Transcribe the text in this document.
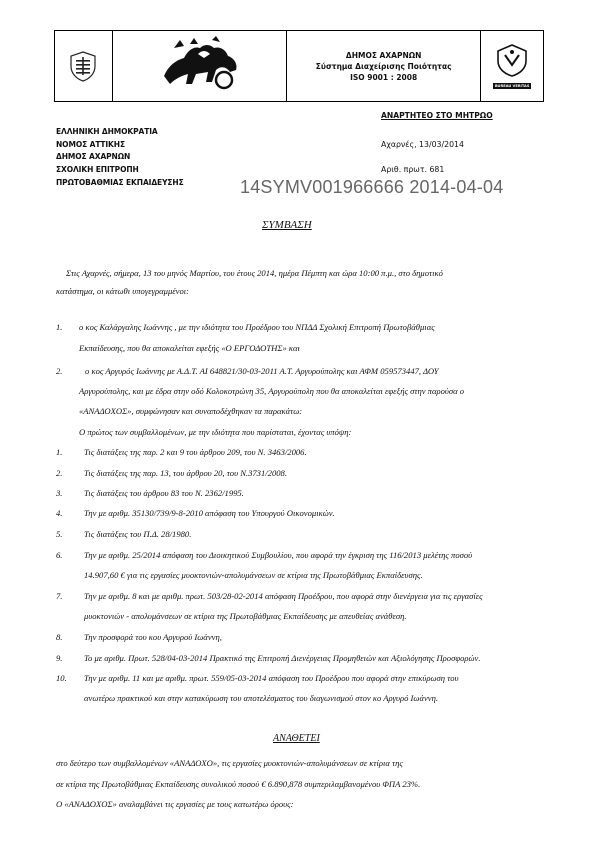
ΔΗΜΟΣ ΑΧΑΡΝΩΝ
Σύστημα Διαχείρισης Ποιότητας
ISO 9001 : 2008
BUREAU VERITAS
ΑΝΑΡΤΗΤΕΟ ΣΤΟ ΜΗΤΡΩΟ
ΕΛΛΗΝΙΚΗ ΔΗΜΟΚΡΑΤΙΑ
ΝΟΜΟΣ ΑΤΤΙΚΗΣ
ΔΗΜΟΣ ΑΧΑΡΝΩΝ
ΣΧΟΛΙΚΗ ΕΠΙΤΡΟΠΗ
ΠΡΩΤΟΒΑΘΜΙΑΣ ΕΚΠΑΙΔΕΥΣΗΣ
Αχαρνές, 13/03/2014
Αριθ. πρωτ. 681
14SYMV001966666 2014-04-04
ΣΥΜΒΑΣΗ
Στις Αχαρνές, σήμερα, 13 του μηνός Μαρτίου, του έτους 2014, ημέρα Πέμπτη και ώρα 10:00 π.μ., στο δημοτικό
κατάστημα, οι κάτωθι υπογεγραμμένοι:
1. ο κος Καλάργαλης Ιωάννης , με την ιδιότητα του Προέδρου του ΝΠΔΔ Σχολική Επιτροπή Πρωτοβάθμιας
Εκπαίδευσης, που θα αποκαλείται εφεξής «Ο ΕΡΓΟΔΟΤΗΣ» και
2.	ο κος Αργυρός Ιωάννης με Α.Δ.Τ. ΑΙ 648821/30-03-2011 Α.Τ. Αργυρούπολης και ΑΦΜ 059573447, ΔΟΥ
Αργυρούπολης, και με έδρα στην οδό Κολοκοτρώνη 35, Αργυρούπολη που θα αποκαλείται εφεξής στην παρούσα ο
«ΑΝΑΔΟΧΟΣ», συμφώνησαν και συναποδέχθηκαν τα παρακάτω:
Ο πρώτος των συμβαλλομένων, με την ιδιότητα που παρίσταται, έχοντας υπόψη:
1.	Τις διατάξεις της παρ. 2 και 9 του άρθρου 209, του Ν. 3463/2006.
2.	Τις διατάξεις της παρ. 13, του άρθρου 20, του Ν.3731/2008.
3.	Τις διατάξεις του άρθρου 83 του Ν. 2362/1995.
4.	Την με αριθμ. 35130/739/9-8-2010 απόφαση του Υπουργού Οικονομικών.
5.	Τις διατάξεις του Π.Δ. 28/1980.
6.	Την με αριθμ. 25/2014 απόφαση του Διοικητικού Συμβουλίου, που αφορά την έγκριση της 116/2013 μελέτης ποσού
14.907,60 € για τις εργασίες μυοκτονιών-απολυμάνσεων σε κτίρια της Πρωτοβάθμιας Εκπαίδευσης.
7.	Την με αριθμ. 8 και με αριθμ. πρωτ. 503/28-02-2014 απόφαση Προέδρου, που αφορά στην διενέργεια για τις εργασίες
μυοκτονιών - απολυμάνσεων σε κτίρια της Πρωτοβάθμιας Εκπαίδευσης με απευθείας ανάθεση.
8.	Την προσφορά του κου Αργυρού Ιωάννη,
9.	Το με αριθμ. Πρωτ. 528/04-03-2014 Πρακτικό της Επιτροπή Διενέργειας Προμηθειών και Αξιολόγησης Προσφορών.
10. Την με αριθμ. 11 και με αριθμ. πρωτ. 559/05-03-2014 απόφαση του Προέδρου που αφορά στην επικύρωση του
ανωτέρω πρακτικού και στην κατακύρωση του αποτελέσματος του διαγωνισμού στον κο Αργυρό Ιωάννη.
ΑΝΑΘΕΤΕΙ
στο δεύτερο των συμβαλλομένων «ΑΝΑΔΟΧΟ», τις εργασίες μυοκτονιών-απολυμάνσεων σε κτίρια της
σε κτίρια της Πρωτοβάθμιας Εκπαίδευσης συνολικού ποσού € 6.890,878 συμπεριλαμβανομένου ΦΠΑ 23%.
Ο «ΑΝΑΔΟΧΟΣ» αναλαμβάνει τις εργασίες με τους κατωτέρω όρους:
